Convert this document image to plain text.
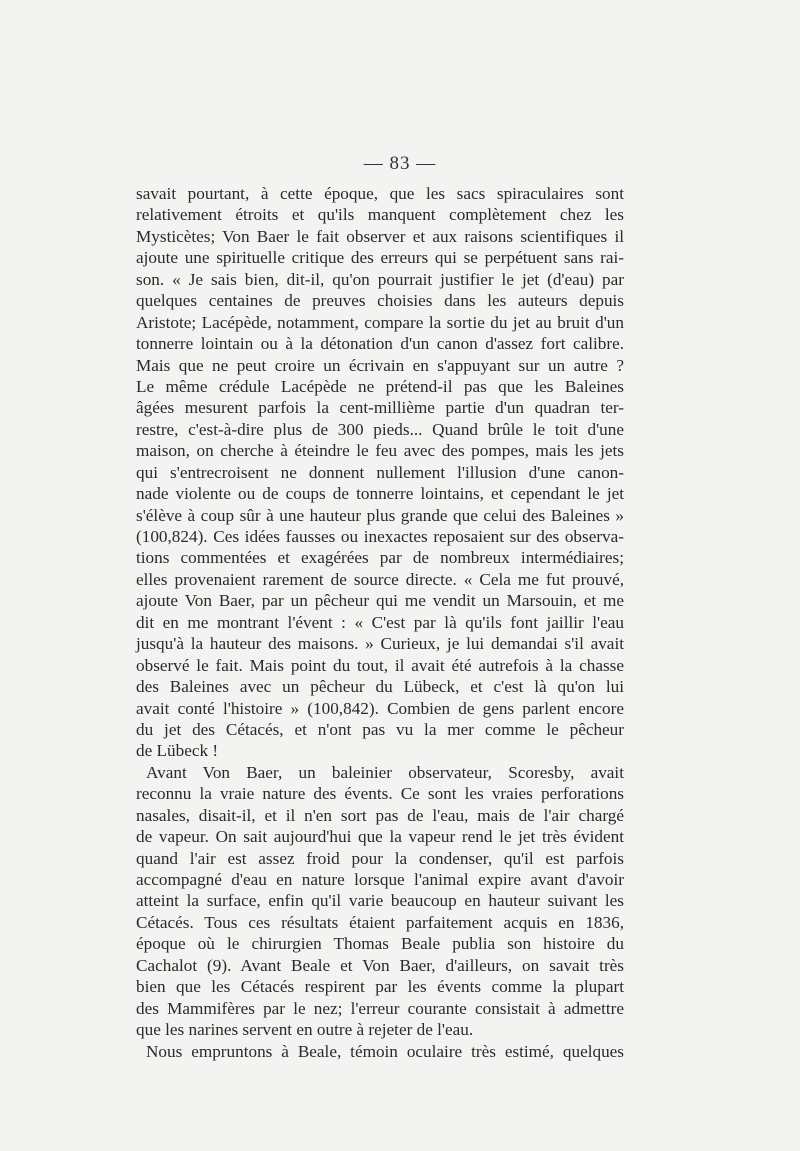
— 83 —
savait pourtant, à cette époque, que les sacs spiraculaires sont
relativement étroits et qu'ils manquent complètement chez les
Mysticètes; Von Baer le fait observer et aux raisons scientifiques il
ajoute une spirituelle critique des erreurs qui se perpétuent sans rai-
son. « Je sais bien, dit-il, qu'on pourrait justifier le jet (d'eau) par
quelques centaines de preuves choisies dans les auteurs depuis
Aristote; Lacépède, notamment, compare la sortie du jet au bruit d'un
tonnerre lointain ou à la détonation d'un canon d'assez fort calibre.
Mais que ne peut croire un écrivain en s'appuyant sur un autre ?
Le même crédule Lacépède ne prétend-il pas que les Baleines
âgées mesurent parfois la cent-millième partie d'un quadran ter-
restre, c'est-à-dire plus de 300 pieds... Quand brûle le toit d'une
maison, on cherche à éteindre le feu avec des pompes, mais les jets
qui s'entrecroisent ne donnent nullement l'illusion d'une canon-
nade violente ou de coups de tonnerre lointains, et cependant le jet
s'élève à coup sûr à une hauteur plus grande que celui des Baleines »
(100,824). Ces idées fausses ou inexactes reposaient sur des observa-
tions commentées et exagérées par de nombreux intermédiaires;
elles provenaient rarement de source directe. « Cela me fut prouvé,
ajoute Von Baer, par un pêcheur qui me vendit un Marsouin, et me
dit en me montrant l'évent : « C'est par là qu'ils font jaillir l'eau
jusqu'à la hauteur des maisons. » Curieux, je lui demandai s'il avait
observé le fait. Mais point du tout, il avait été autrefois à la chasse
des Baleines avec un pêcheur du Lübeck, et c'est là qu'on lui
avait conté l'histoire » (100,842). Combien de gens parlent encore
du jet des Cétacés, et n'ont pas vu la mer comme le pêcheur
de Lübeck !
Avant Von Baer, un baleinier observateur, Scoresby, avait
reconnu la vraie nature des évents. Ce sont les vraies perforations
nasales, disait-il, et il n'en sort pas de l'eau, mais de l'air chargé
de vapeur. On sait aujourd'hui que la vapeur rend le jet très évident
quand l'air est assez froid pour la condenser, qu'il est parfois
accompagné d'eau en nature lorsque l'animal expire avant d'avoir
atteint la surface, enfin qu'il varie beaucoup en hauteur suivant les
Cétacés. Tous ces résultats étaient parfaitement acquis en 1836,
époque où le chirurgien Thomas Beale publia son histoire du
Cachalot (9). Avant Beale et Von Baer, d'ailleurs, on savait très
bien que les Cétacés respirent par les évents comme la plupart
des Mammifères par le nez; l'erreur courante consistait à admettre
que les narines servent en outre à rejeter de l'eau.
Nous empruntons à Beale, témoin oculaire très estimé, quelques
